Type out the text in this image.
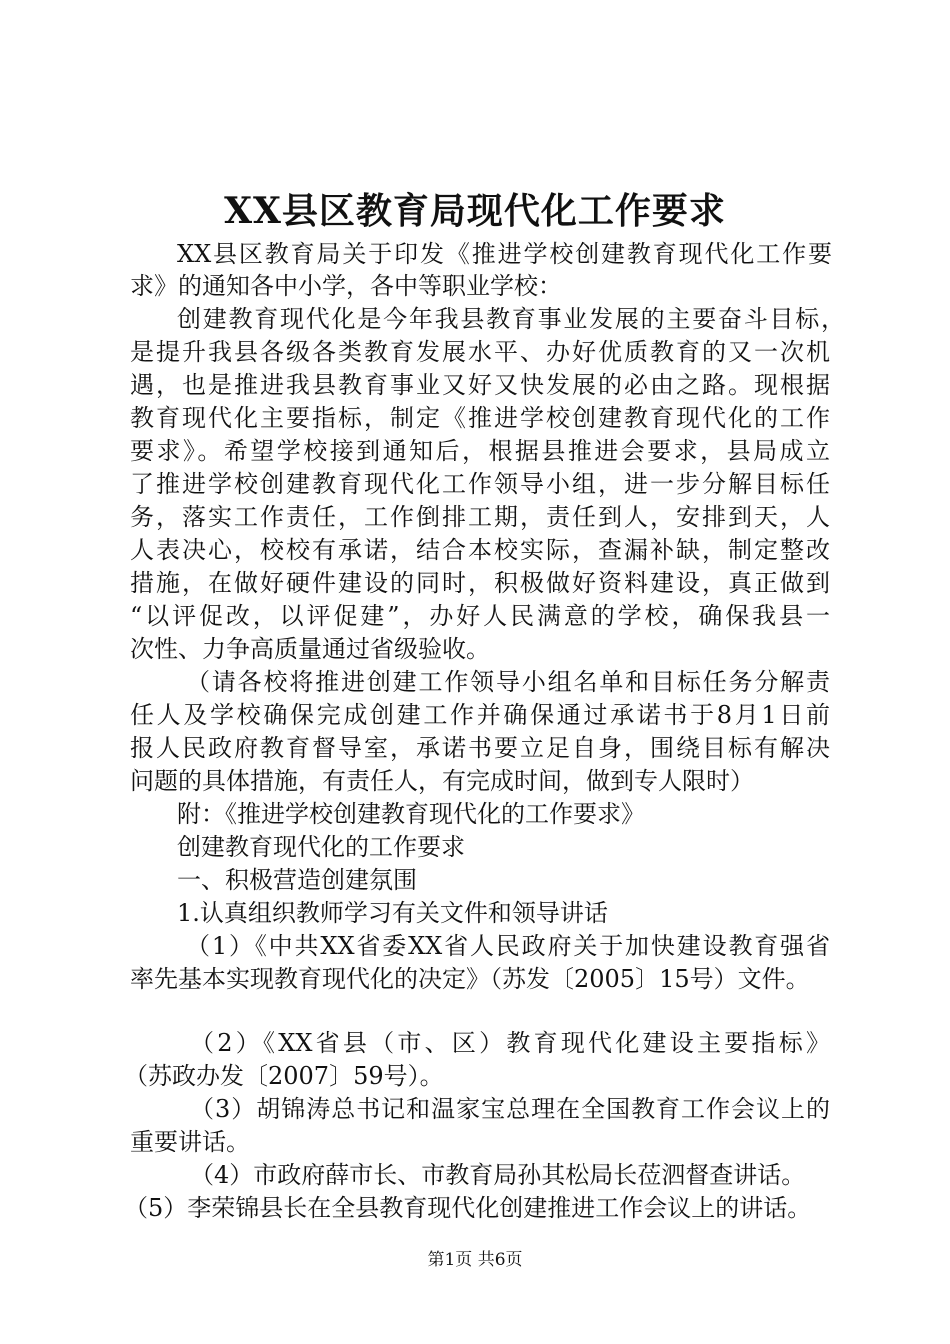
XX县区教育局现代化工作要求
XX县区教育局关于印发《推进学校创建教育现代化工作要
求》的通知各中小学，各中等职业学校：
创建教育现代化是今年我县教育事业发展的主要奋斗目标，
是提升我县各级各类教育发展水平、办好优质教育的又一次机
遇，也是推进我县教育事业又好又快发展的必由之路。现根据
教育现代化主要指标，制定《推进学校创建教育现代化的工作
要求》。希望学校接到通知后，根据县推进会要求，县局成立
了推进学校创建教育现代化工作领导小组，进一步分解目标任
务，落实工作责任，工作倒排工期，责任到人，安排到天，人
人表决心，校校有承诺，结合本校实际，查漏补缺，制定整改
措施，在做好硬件建设的同时，积极做好资料建设，真正做到
“以评促改，以评促建”，办好人民满意的学校，确保我县一
次性、力争高质量通过省级验收。
（请各校将推进创建工作领导小组名单和目标任务分解责
任人及学校确保完成创建工作并确保通过承诺书于8月1日前
报人民政府教育督导室，承诺书要立足自身，围绕目标有解决
问题的具体措施，有责任人，有完成时间，做到专人限时）
附：《推进学校创建教育现代化的工作要求》
创建教育现代化的工作要求
一、积极营造创建氛围
1.认真组织教师学习有关文件和领导讲话
（1）《中共XX省委XX省人民政府关于加快建设教育强省
率先基本实现教育现代化的决定》（苏发〔2005〕15号）文件。
（2）《XX省县（市、区）教育现代化建设主要指标》
（苏政办发〔2007〕59号）。
（3）胡锦涛总书记和温家宝总理在全国教育工作会议上的
重要讲话。
（4）市政府薛市长、市教育局孙其松局长莅泗督查讲话。
（5）李荣锦县长在全县教育现代化创建推进工作会议上的讲话。
第1页 共6页
